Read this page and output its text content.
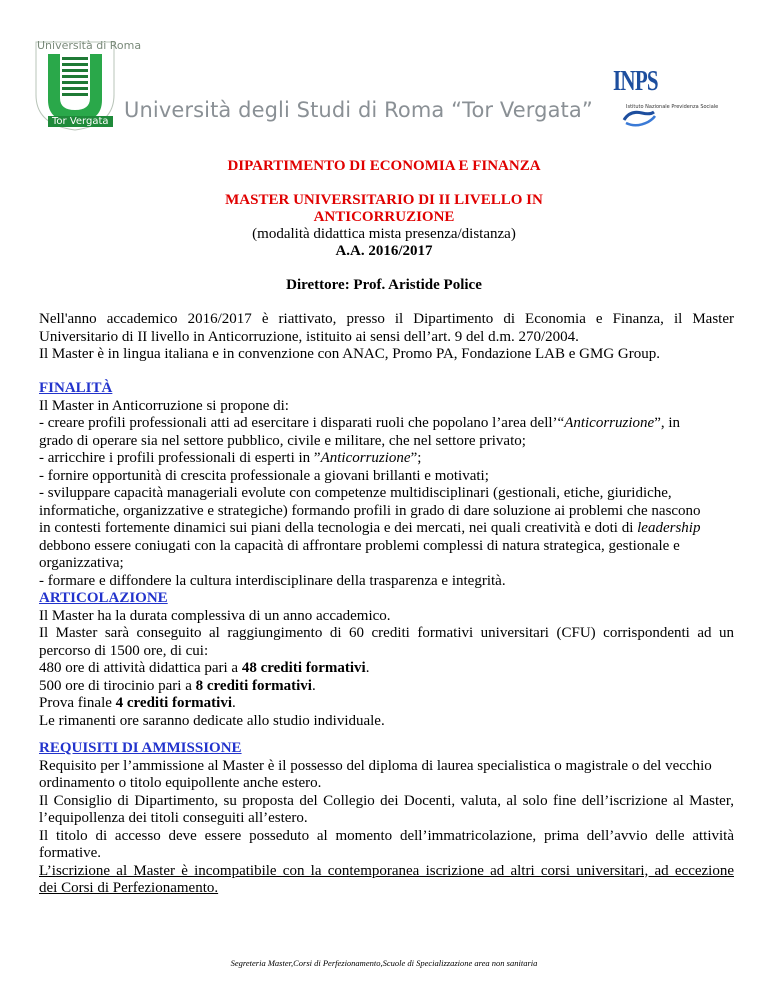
Università di Roma
Tor Vergata Università degli Studi di Roma “Tor Vergata”
INPS
Istituto Nazionale Previdenza Sociale
DIPARTIMENTO DI ECONOMIA E FINANZA
MASTER UNIVERSITARIO DI II LIVELLO IN
ANTICORRUZIONE
(modalità didattica mista presenza/distanza)
A.A. 2016/2017
Direttore: Prof. Aristide Police
Nell'anno accademico 2016/2017 è riattivato, presso il Dipartimento di Economia e Finanza, il Master
Universitario di II livello in Anticorruzione, istituito ai sensi dell’art. 9 del d.m. 270/2004.
Il Master è in lingua italiana e in convenzione con ANAC, Promo PA, Fondazione LAB e GMG Group.
FINALITÀ
Il Master in Anticorruzione si propone di:
- creare profili professionali atti ad esercitare i disparati ruoli che popolano l’area dell’“Anticorruzione”, in
grado di operare sia nel settore pubblico, civile e militare, che nel settore privato;
- arricchire i profili professionali di esperti in ”Anticorruzione”;
- fornire opportunità di crescita professionale a giovani brillanti e motivati;
- sviluppare capacità manageriali evolute con competenze multidisciplinari (gestionali, etiche, giuridiche,
informatiche, organizzative e strategiche) formando profili in grado di dare soluzione ai problemi che nascono
in contesti fortemente dinamici sui piani della tecnologia e dei mercati, nei quali creatività e doti di leadership
debbono essere coniugati con la capacità di affrontare problemi complessi di natura strategica, gestionale e
organizzativa;
- formare e diffondere la cultura interdisciplinare della trasparenza e integrità.
ARTICOLAZIONE
Il Master ha la durata complessiva di un anno accademico.
Il Master sarà conseguito al raggiungimento di 60 crediti formativi universitari (CFU) corrispondenti ad un
percorso di 1500 ore, di cui:
480 ore di attività didattica pari a 48 crediti formativi.
500 ore di tirocinio pari a 8 crediti formativi.
Prova finale 4 crediti formativi.
Le rimanenti ore saranno dedicate allo studio individuale.
REQUISITI DI AMMISSIONE
Requisito per l’ammissione al Master è il possesso del diploma di laurea specialistica o magistrale o del vecchio
ordinamento o titolo equipollente anche estero.
Il Consiglio di Dipartimento, su proposta del Collegio dei Docenti, valuta, al solo fine dell’iscrizione al Master,
l’equipollenza dei titoli conseguiti all’estero.
Il titolo di accesso deve essere posseduto al momento dell’immatricolazione, prima dell’avvio delle attività
formative.
L’iscrizione al Master è incompatibile con la contemporanea iscrizione ad altri corsi universitari, ad eccezione
dei Corsi di Perfezionamento.
Segreteria Master,Corsi di Perfezionamento,Scuole di Specializzazione area non sanitaria
